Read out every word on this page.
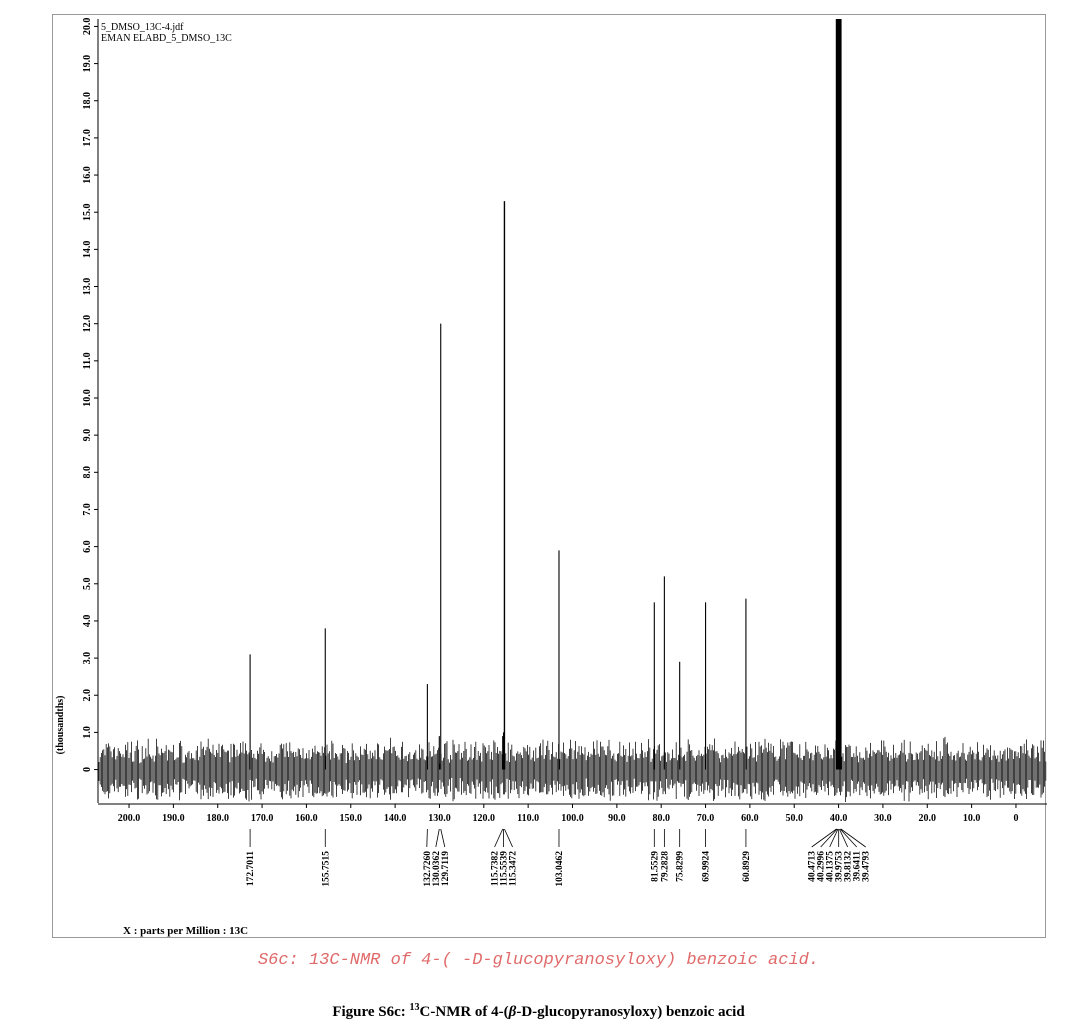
0
1.0
2.0
3.0
4.0
5.0
6.0
7.0
8.0
9.0
10.0
11.0
12.0
13.0
14.0
15.0
16.0
17.0
18.0
19.0
20.0
(thousandths)
200.0 190.0 180.0 170.0 160.0 150.0 140.0 130.0 120.0 110.0 100.0 90.0	80.0	70.0	60.0	50.0	40.0	30.0	20.0	10.0	0
172.7011	155.7515	132.7260 130.0362 129.7119	115.7382 115.5539 115.3472	103.0462	81.5529 79.2828 75.8299 69.9924	60.8929	40.4713 40.2996 40.1375 39.9753 39.8132 39.6411 39.4793
5_DMSO_13C-4.jdf
EMAN ELABD_5_DMSO_13C
X : parts per Million : 13C
S6c: 13C-NMR of 4-( -D-glucopyranosyloxy) benzoic acid.
Figure S6c: $^{13}$C-NMR of 4-(β-D-glucopyranosyloxy) benzoic acid
